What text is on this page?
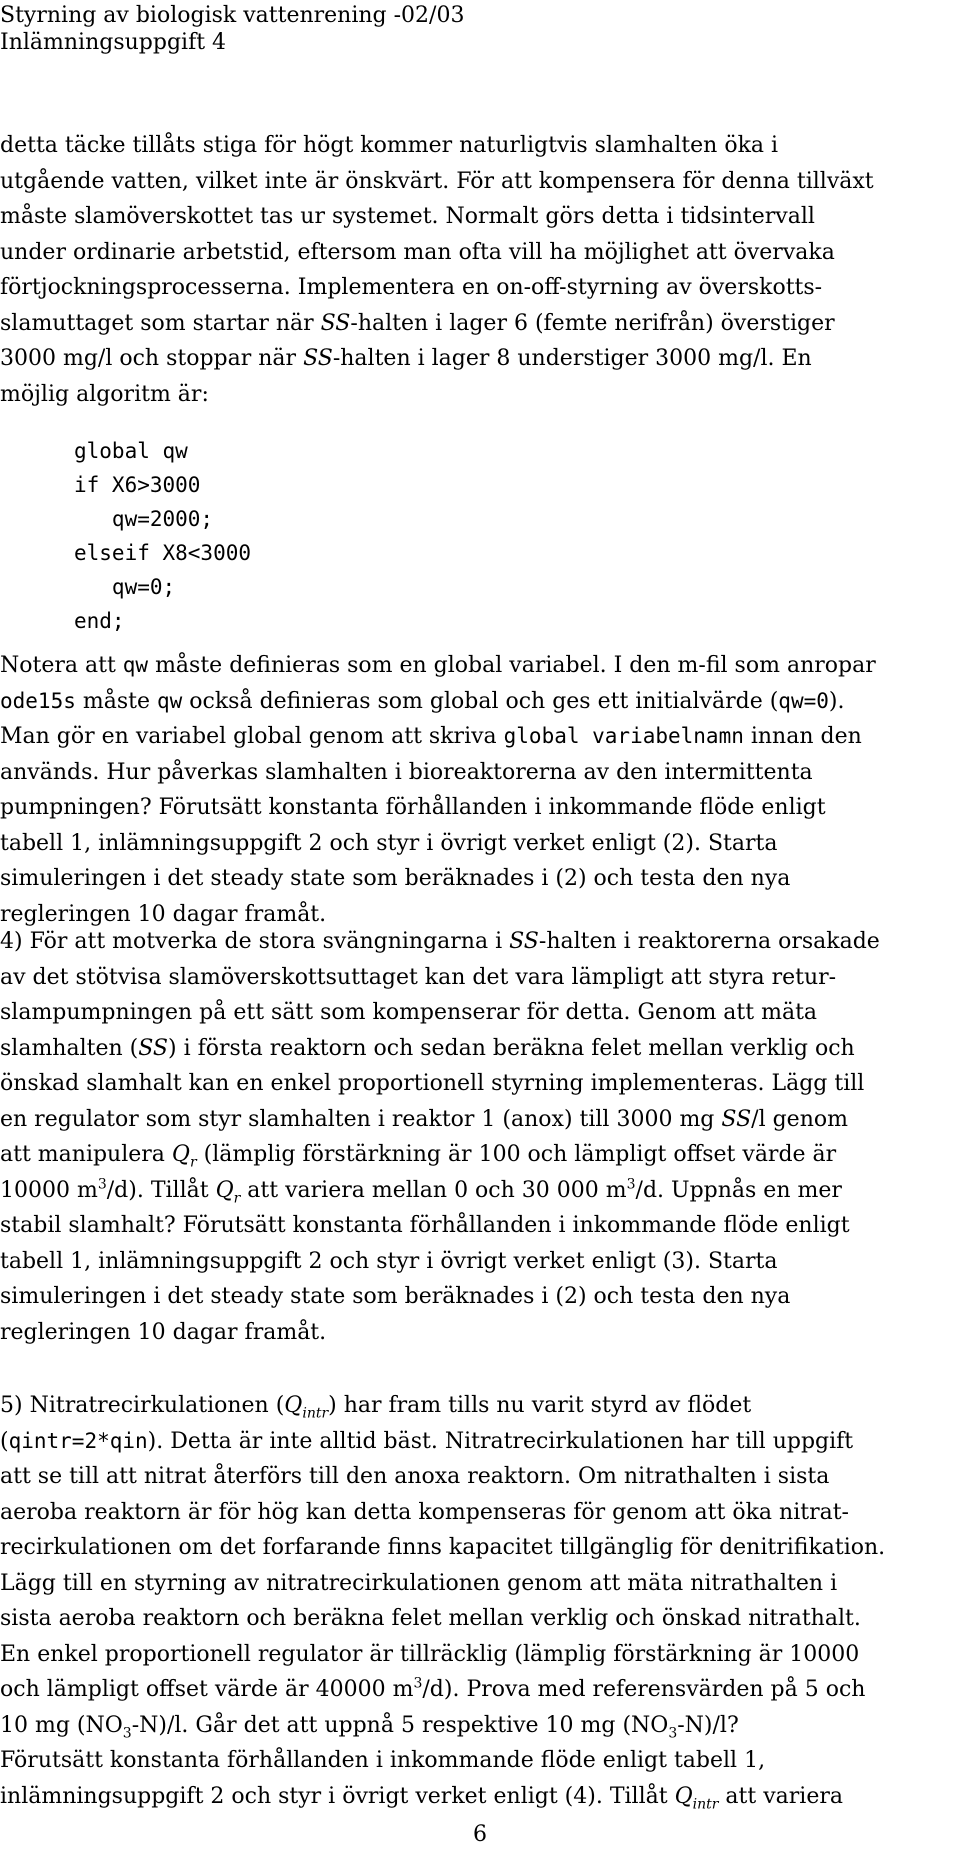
Styrning av biologisk vattenrening -02/03
Inlämningsuppgift 4
detta täcke tillåts stiga för högt kommer naturligtvis slamhalten öka i
utgående vatten, vilket inte är önskvärt. För att kompensera för denna tillväxt
måste slamöverskottet tas ur systemet. Normalt görs detta i tidsintervall
under ordinarie arbetstid, eftersom man ofta vill ha möjlighet att övervaka
förtjockningsprocesserna. Implementera en on-off-styrning av överskotts-
slamuttaget som startar när SS-halten i lager 6 (femte nerifrån) överstiger
3000 mg/l och stoppar när SS-halten i lager 8 understiger 3000 mg/l. En
möjlig algoritm är:
global qw
if X6>3000
qw=2000;
elseif X8<3000
qw=0;
end;
Notera att qw måste definieras som en global variabel. I den m-fil som anropar
ode15s måste qw också definieras som global och ges ett initialvärde (qw=0).
Man gör en variabel global genom att skriva global variabelnamn innan den
används. Hur påverkas slamhalten i bioreaktorerna av den intermittenta
pumpningen? Förutsätt konstanta förhållanden i inkommande flöde enligt
tabell 1, inlämningsuppgift 2 och styr i övrigt verket enligt (2). Starta
simuleringen i det steady state som beräknades i (2) och testa den nya
regleringen 10 dagar framåt.
4) För att motverka de stora svängningarna i SS-halten i reaktorerna orsakade
av det stötvisa slamöverskottsuttaget kan det vara lämpligt att styra retur-
slampumpningen på ett sätt som kompenserar för detta. Genom att mäta
slamhalten (SS) i första reaktorn och sedan beräkna felet mellan verklig och
önskad slamhalt kan en enkel proportionell styrning implementeras. Lägg till
en regulator som styr slamhalten i reaktor 1 (anox) till 3000 mg SS/l genom
att manipulera $Q_r$ (lämplig förstärkning är 100 och lämpligt offset värde är
10000 $m^3/d$). Tillåt $Q_r$ att variera mellan 0 och 30 000 $m^3/d$. Uppnås en mer
stabil slamhalt? Förutsätt konstanta förhållanden i inkommande flöde enligt
tabell 1, inlämningsuppgift 2 och styr i övrigt verket enligt (3). Starta
simuleringen i det steady state som beräknades i (2) och testa den nya
regleringen 10 dagar framåt.
5) Nitratrecirkulationen $(Q_{intr})$ har fram tills nu varit styrd av flödet
(qintr=2*qin). Detta är inte alltid bäst. Nitratrecirkulationen har till uppgift
att se till att nitrat återförs till den anoxa reaktorn. Om nitrathalten i sista
aeroba reaktorn är för hög kan detta kompenseras för genom att öka nitrat-
recirkulationen om det forfarande finns kapacitet tillgänglig för denitrifikation.
Lägg till en styrning av nitratrecirkulationen genom att mäta nitrathalten i
sista aeroba reaktorn och beräkna felet mellan verklig och önskad nitrathalt.
En enkel proportionell regulator är tillräcklig (lämplig förstärkning är 10000
och lämpligt offset värde är 40000 $m^3/d$). Prova med referensvärden på 5 och
10 mg $(NO_3-N)/l$. Går det att uppnå 5 respektive 10 mg $(NO_3-N)/l$?
Förutsätt konstanta förhållanden i inkommande flöde enligt tabell 1,
inlämningsuppgift 2 och styr i övrigt verket enligt (4). Tillåt $Q_{intr}$ att variera
6
